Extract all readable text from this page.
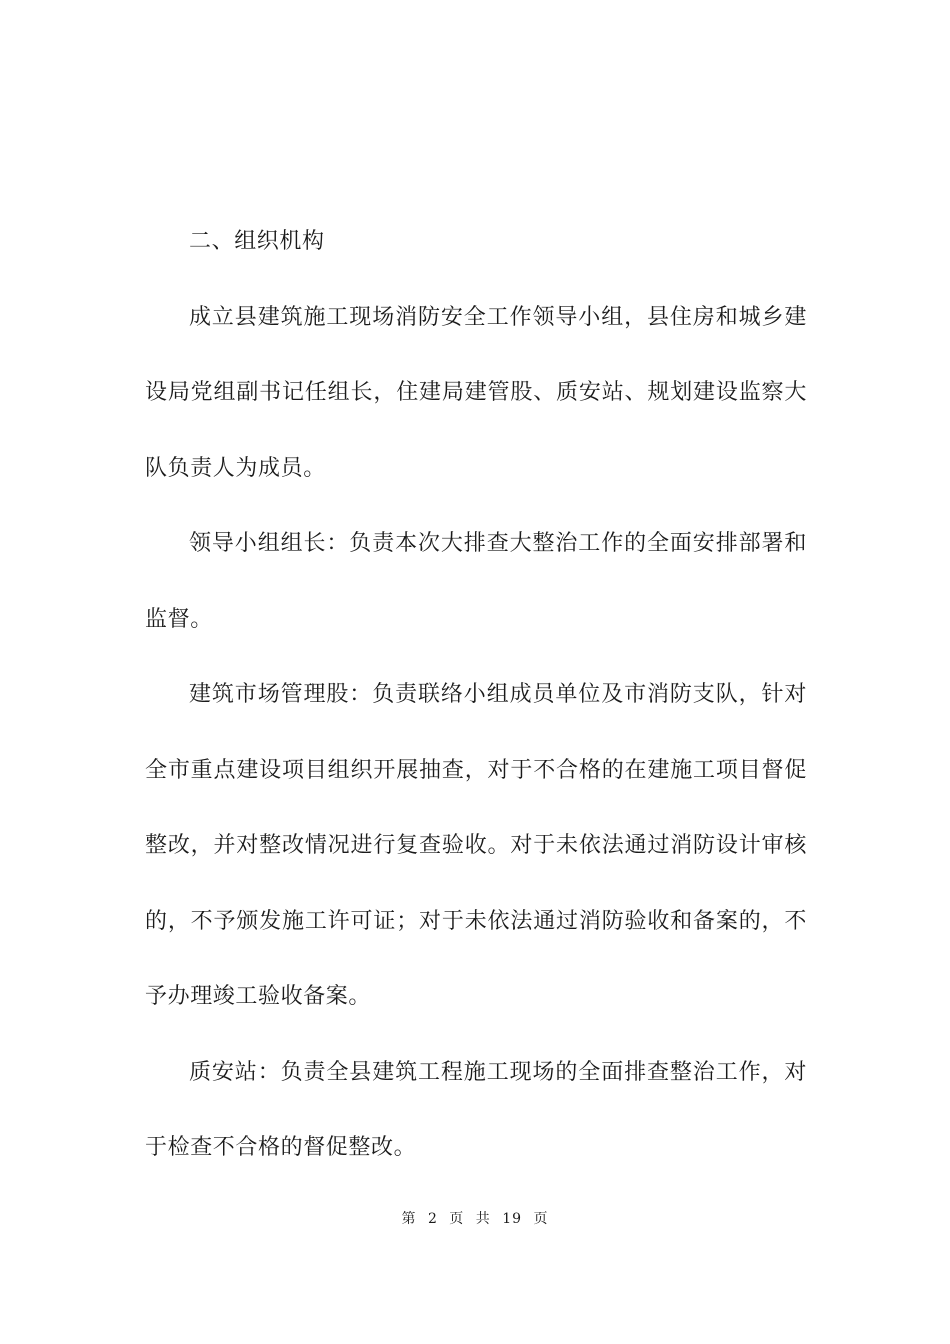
二、组织机构

成立县建筑施工现场消防安全工作领导小组，县住房和城乡建设局党组副书记任组长，住建局建管股、质安站、规划建设监察大队负责人为成员。

领导小组组长：负责本次大排查大整治工作的全面安排部署和监督。

建筑市场管理股：负责联络小组成员单位及市消防支队，针对全市重点建设项目组织开展抽查，对于不合格的在建施工项目督促整改，并对整改情况进行复查验收。对于未依法通过消防设计审核的，不予颁发施工许可证；对于未依法通过消防验收和备案的，不予办理竣工验收备案。

质安站：负责全县建筑工程施工现场的全面排查整治工作，对于检查不合格的督促整改。

第 2 页 共 19 页
